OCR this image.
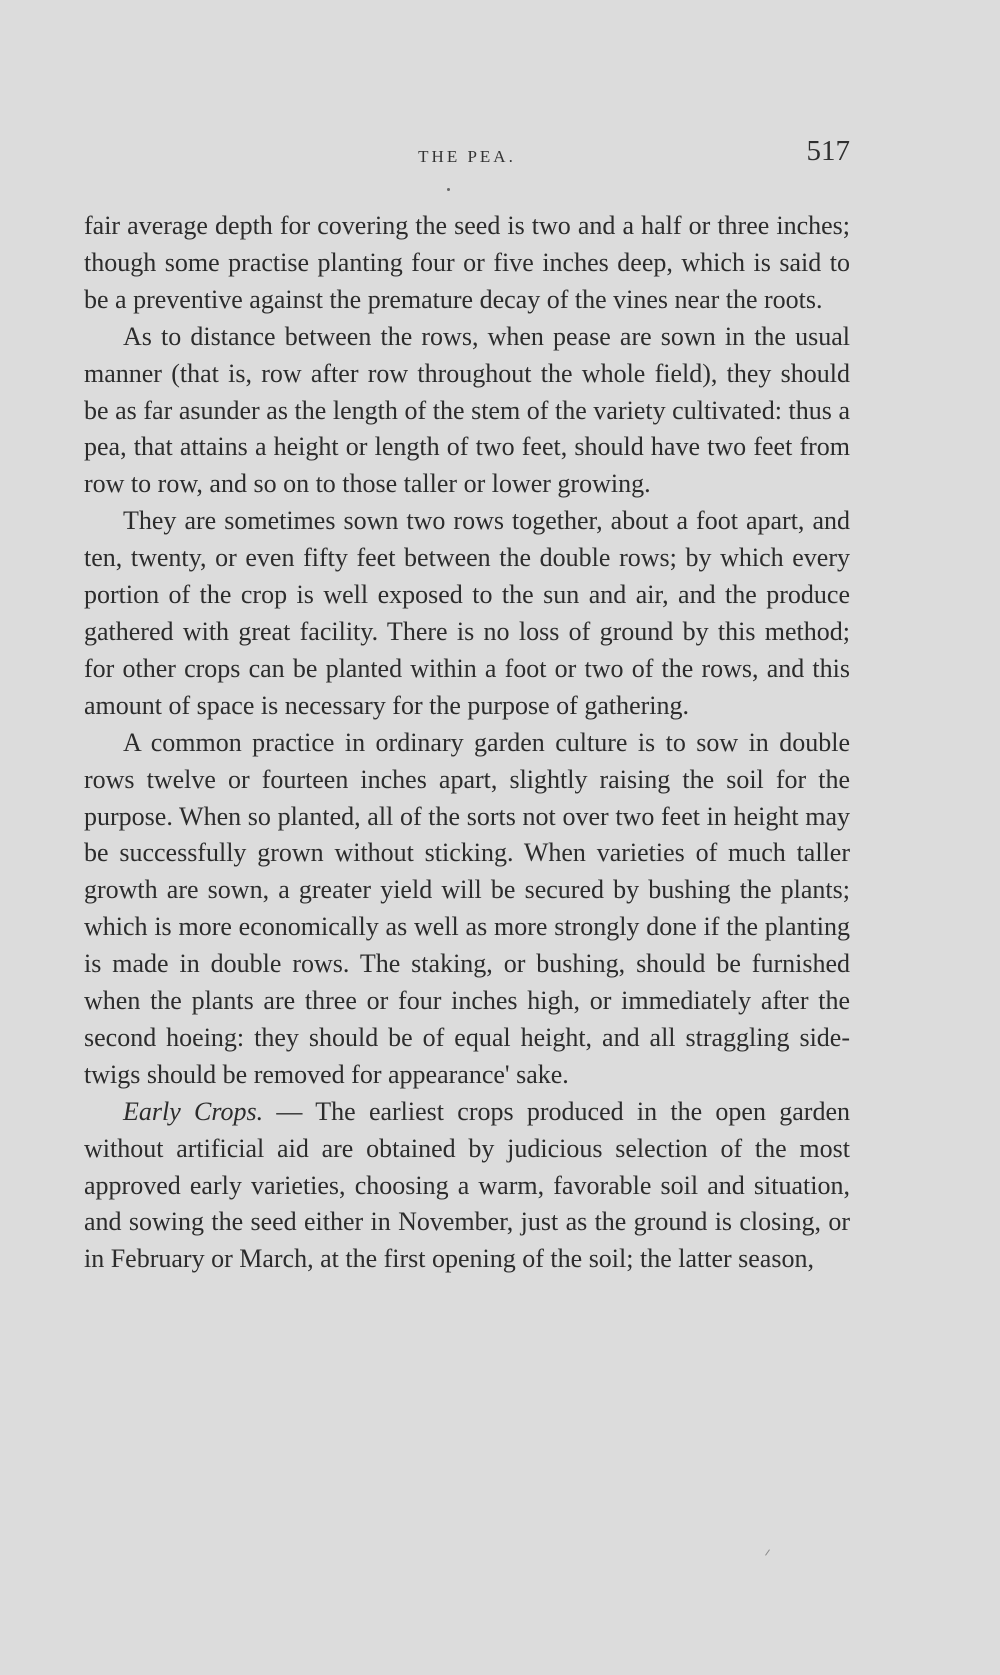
THE PEA.	517

fair average depth for covering the seed is two and a half or three inches; though some practise planting four or five inches deep, which is said to be a preventive against the premature decay of the vines near the roots.

As to distance between the rows, when pease are sown in the usual manner (that is, row after row throughout the whole field), they should be as far asunder as the length of the stem of the variety cultivated: thus a pea, that attains a height or length of two feet, should have two feet from row to row, and so on to those taller or lower growing.

They are sometimes sown two rows together, about a foot apart, and ten, twenty, or even fifty feet between the double rows; by which every portion of the crop is well exposed to the sun and air, and the produce gathered with great facility. There is no loss of ground by this method; for other crops can be planted within a foot or two of the rows, and this amount of space is necessary for the purpose of gathering.

A common practice in ordinary garden culture is to sow in double rows twelve or fourteen inches apart, slightly raising the soil for the purpose. When so planted, all of the sorts not over two feet in height may be successfully grown without sticking. When varieties of much taller growth are sown, a greater yield will be secured by bushing the plants; which is more economically as well as more strongly done if the planting is made in double rows. The staking, or bushing, should be furnished when the plants are three or four inches high, or immediately after the second hoeing: they should be of equal height, and all straggling side-twigs should be removed for appearance' sake.

Early Crops. — The earliest crops produced in the open garden without artificial aid are obtained by judicious selection of the most approved early varieties, choosing a warm, favorable soil and situation, and sowing the seed either in November, just as the ground is closing, or in February or March, at the first opening of the soil; the latter season,
